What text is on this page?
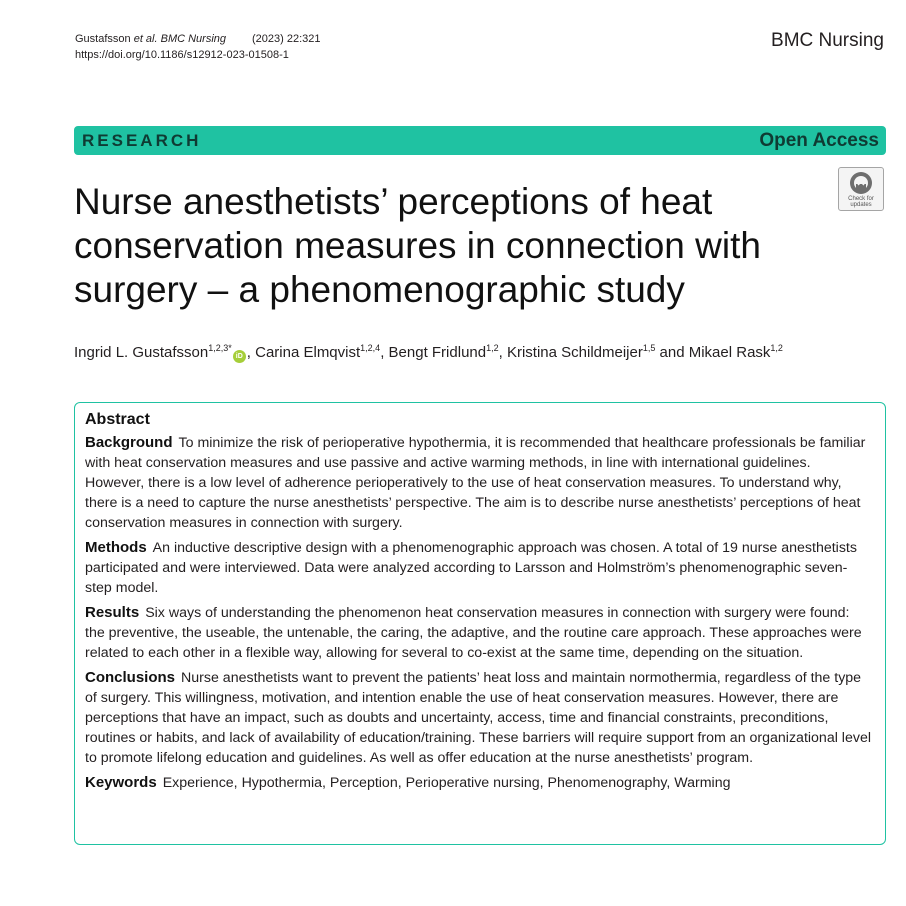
Gustafsson et al. BMC Nursing (2023) 22:321
https://doi.org/10.1186/s12912-023-01508-1
BMC Nursing
RESEARCH	Open Access
Check for
updates
Nurse anesthetists’ perceptions of heat conservation measures in connection with surgery – a phenomenographic study
Ingrid L. Gustafsson$^{1,2,3*}$iD , Carina Elmqvist$^{1,2,4}$, Bengt Fridlund$^{1,2}$, Kristina Schildmeijer$^{1,5}$ and Mikael Rask$^{1,2}$
Abstract
Background To minimize the risk of perioperative hypothermia, it is recommended that healthcare professionals be familiar with heat conservation measures and use passive and active warming methods, in line with international guidelines. However, there is a low level of adherence perioperatively to the use of heat conservation measures. To understand why, there is a need to capture the nurse anesthetists’ perspective. The aim is to describe nurse anesthetists’ perceptions of heat conservation measures in connection with surgery.
Methods An inductive descriptive design with a phenomenographic approach was chosen. A total of 19 nurse anesthetists participated and were interviewed. Data were analyzed according to Larsson and Holmström’s phenomenographic seven-step model.
Results Six ways of understanding the phenomenon heat conservation measures in connection with surgery were found: the preventive, the useable, the untenable, the caring, the adaptive, and the routine care approach. These approaches were related to each other in a flexible way, allowing for several to co-exist at the same time, depending on the situation.
Conclusions Nurse anesthetists want to prevent the patients’ heat loss and maintain normothermia, regardless of the type of surgery. This willingness, motivation, and intention enable the use of heat conservation measures. However, there are perceptions that have an impact, such as doubts and uncertainty, access, time and financial constraints, preconditions, routines or habits, and lack of availability of education/training. These barriers will require support from an organizational level to promote lifelong education and guidelines. As well as offer education at the nurse anesthetists’ program.
Keywords Experience, Hypothermia, Perception, Perioperative nursing, Phenomenography, Warming
